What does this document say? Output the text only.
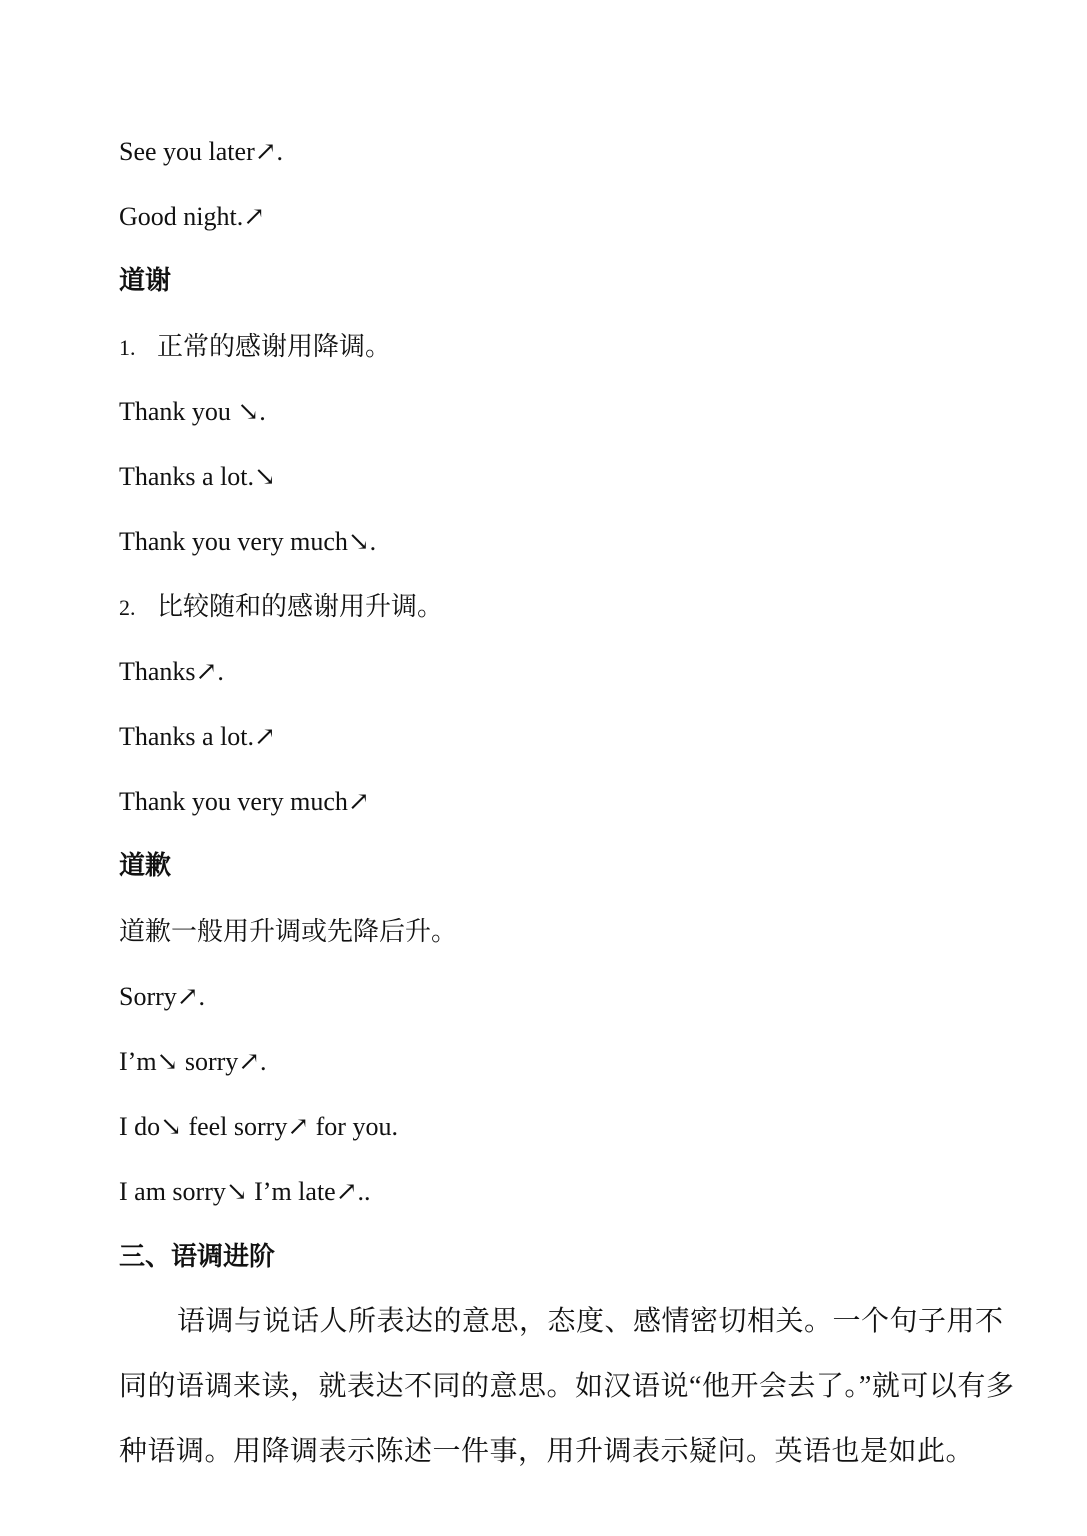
See you later↗.
Good night.↗
道谢
1. 正常的感谢用降调。
Thank you ↘.
Thanks a lot.↘
Thank you very much↘.
2. 比较随和的感谢用升调。
Thanks↗.
Thanks a lot.↗
Thank you very much↗
道歉
道歉一般用升调或先降后升。
Sorry↗.
I’m↘ sorry↗.
I do↘ feel sorry↗ for you.
I am sorry↘ I’m late↗..
三、语调进阶
语调与说话人所表达的意思，态度、感情密切相关。一个句子用不同的语调来读，就表达不同的意思。如汉语说“他开会去了。”就可以有多种语调。用降调表示陈述一件事，用升调表示疑问。英语也是如此。
